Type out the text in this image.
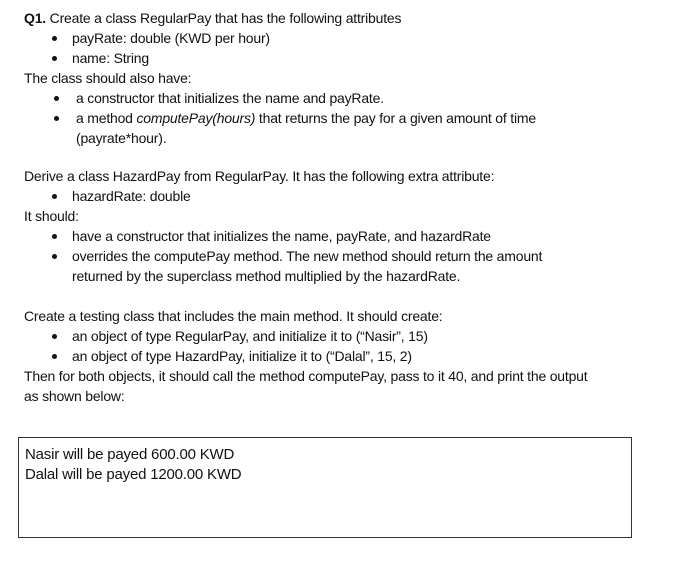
Q1. Create a class RegularPay that has the following attributes
payRate: double (KWD per hour)
name: String
The class should also have:
a constructor that initializes the name and payRate.
a method computePay(hours) that returns the pay for a given amount of time
(payrate*hour).
Derive a class HazardPay from RegularPay. It has the following extra attribute:
hazardRate: double
It should:
have a constructor that initializes the name, payRate, and hazardRate
overrides the computePay method. The new method should return the amount
returned by the superclass method multiplied by the hazardRate.
Create a testing class that includes the main method. It should create:
an object of type RegularPay, and initialize it to (“Nasir”, 15)
an object of type HazardPay, initialize it to (“Dalal”, 15, 2)
Then for both objects, it should call the method computePay, pass to it 40, and print the output
as shown below:
Nasir will be payed 600.00 KWD
Dalal will be payed 1200.00 KWD
